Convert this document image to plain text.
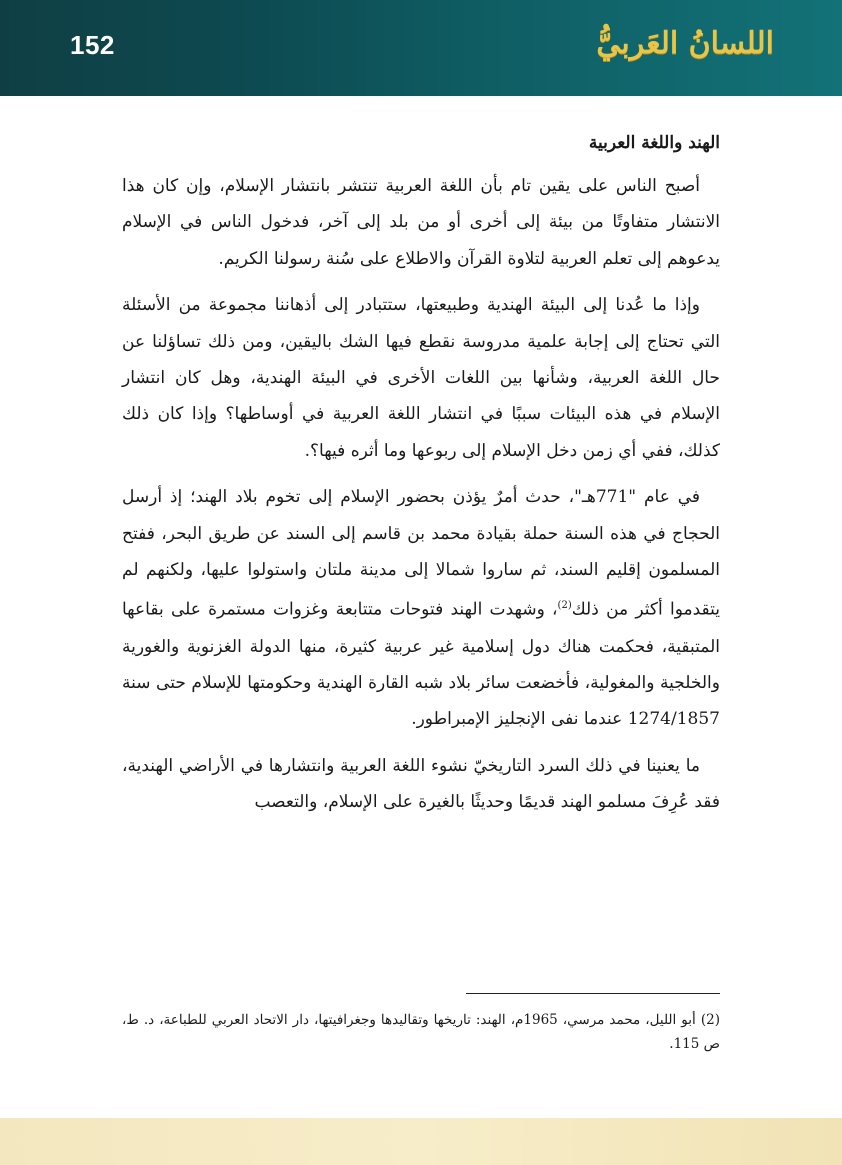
152	اللسانُ العَربيُّ
الهند واللغة العربية

أصبح الناس على يقين تام بأن اللغة العربية تنتشر بانتشار الإسلام، وإن كان هذا الانتشار متفاوتًا من بيئة إلى أخرى أو من بلد إلى آخر، فدخول الناس في الإسلام يدعوهم إلى تعلم العربية لتلاوة القرآن والاطلاع على سُنة رسولنا الكريم.

وإذا ما عُدنا إلى البيئة الهندية وطبيعتها، ستتبادر إلى أذهاننا مجموعة من الأسئلة التي تحتاج إلى إجابة علمية مدروسة نقطع فيها الشك باليقين، ومن ذلك تساؤلنا عن حال اللغة العربية، وشأنها بين اللغات الأخرى في البيئة الهندية، وهل كان انتشار الإسلام في هذه البيئات سببًا في انتشار اللغة العربية في أوساطها؟ وإذا كان ذلك كذلك، ففي أي زمن دخل الإسلام إلى ربوعها وما أثره فيها؟.

في عام "771هـ"، حدث أمرٌ يؤذن بحضور الإسلام إلى تخوم بلاد الهند؛ إذ أرسل الحجاج في هذه السنة حملة بقيادة محمد بن قاسم إلى السند عن طريق البحر، ففتح المسلمون إقليم السند، ثم ساروا شمالا إلى مدينة ملتان واستولوا عليها، ولكنهم لم يتقدموا أكثر من ذلك$^{(2)}$، وشهدت الهند فتوحات متتابعة وغزوات مستمرة على بقاعها المتبقية، فحكمت هناك دول إسلامية غير عربية كثيرة، منها الدولة الغزنوية والغورية والخلجية والمغولية، فأخضعت سائر بلاد شبه القارة الهندية وحكومتها للإسلام حتى سنة 1274/1857 عندما نفى الإنجليز الإمبراطور.

ما يعنينا في ذلك السرد التاريخيّ نشوء اللغة العربية وانتشارها في الأراضي الهندية، فقد عُرِفَ مسلمو الهند قديمًا وحديثًا بالغيرة على الإسلام، والتعصب

(2) أبو الليل، محمد مرسي، 1965م، الهند: تاريخها وتقاليدها وجغرافيتها، دار الاتحاد العربي للطباعة، د. ط، ص 115.
